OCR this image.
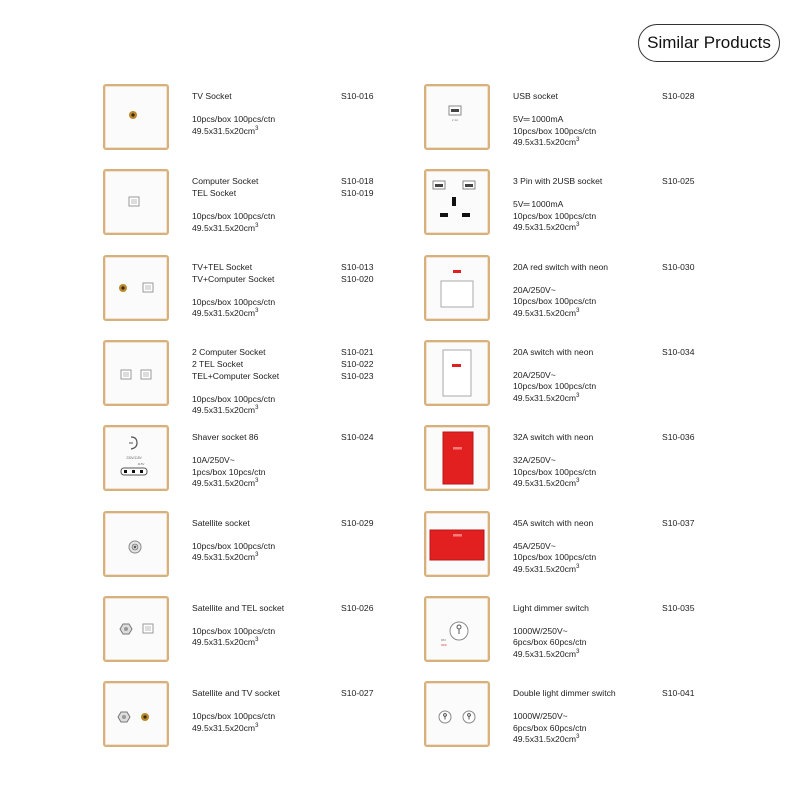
Similar Products
TV Socket	S10-016
10pcs/box 100pcs/ctn
$49.5x31.5x20cm^3$
Computer Socket	S10-018
TEL Socket	S10-019
10pcs/box 100pcs/ctn
$49.5x31.5x20cm^3$
TV+TEL Socket	S10-013
TV+Computer Socket	S10-020
10pcs/box 100pcs/ctn
$49.5x31.5x20cm^3$
2 Computer Socket	S10-021
2 TEL Socket	S10-022
TEL+Computer Socket	S10-023
10pcs/box 100pcs/ctn
$49.5x31.5x20cm^3$
230V/115V
115V
Shaver socket 86	S10-024
10A/250V~
1pcs/box 10pcs/ctn
$49.5x31.5x20cm^3$
Satellite socket	S10-029
10pcs/box 100pcs/ctn
$49.5x31.5x20cm^3$
Satellite and TEL socket	S10-026
10pcs/box 100pcs/ctn
$49.5x31.5x20cm^3$
Satellite and TV socket	S10-027
10pcs/box 100pcs/ctn
$49.5x31.5x20cm^3$
2.1A
USB socket	S10-028
5V═ 1000mA
10pcs/box 100pcs/ctn
$49.5x31.5x20cm^3$
3 Pin with 2USB socket	S10-025
5V═ 1000mA
10pcs/box 100pcs/ctn
$49.5x31.5x20cm^3$
20A red switch with neon	S10-030
20A/250V~
10pcs/box 100pcs/ctn
$49.5x31.5x20cm^3$
20A switch with neon	S10-034
20A/250V~
10pcs/box 100pcs/ctn
$49.5x31.5x20cm^3$
32A switch with neon	S10-036
32A/250V~
10pcs/box 100pcs/ctn
$49.5x31.5x20cm^3$
45A switch with neon	S10-037
45A/250V~
10pcs/box 100pcs/ctn
$49.5x31.5x20cm^3$
ON
OFF
Light dimmer switch	S10-035
1000W/250V~
6pcs/box 60pcs/ctn
$49.5x31.5x20cm^3$
Double light dimmer switch	S10-041
1000W/250V~
6pcs/box 60pcs/ctn
$49.5x31.5x20cm^3$
